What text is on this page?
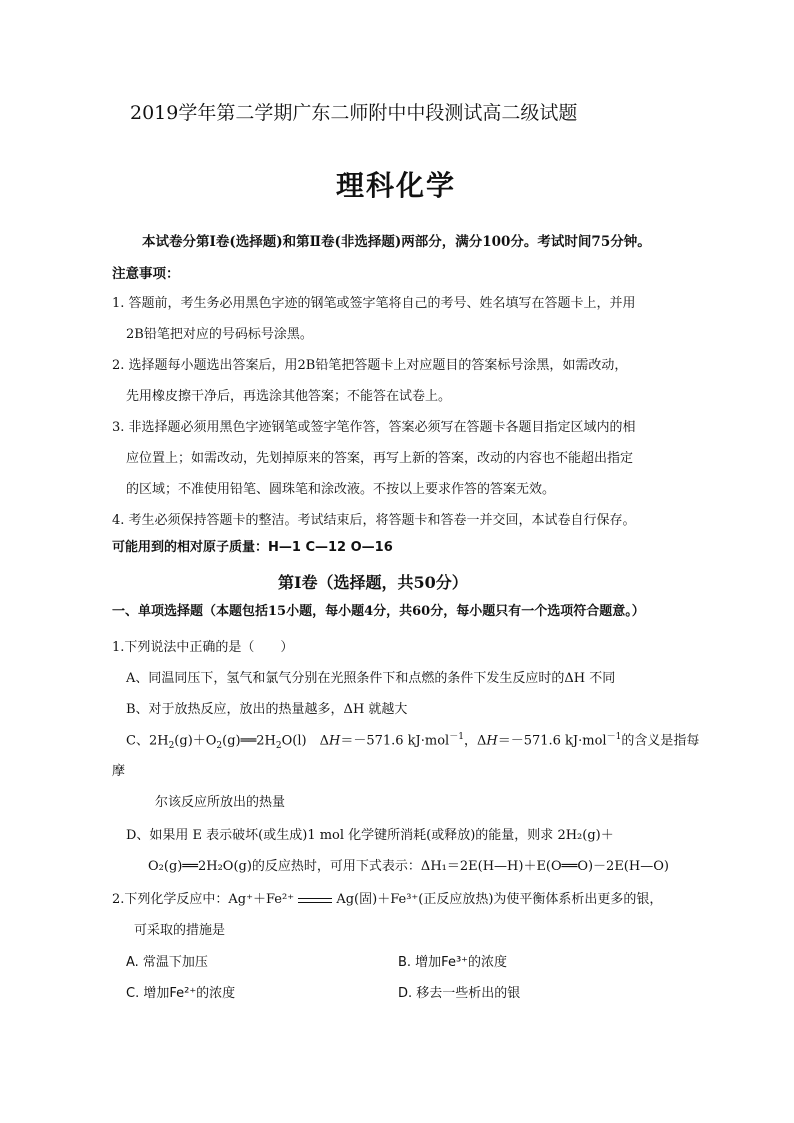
2019学年第二学期广东二师附中中段测试高二级试题
理科化学
本试卷分第Ⅰ卷(选择题)和第Ⅱ卷(非选择题)两部分，满分100分。考试时间75分钟。
注意事项：
1. 答题前，考生务必用黑色字迹的钢笔或签字笔将自己的考号、姓名填写在答题卡上，并用
2B铅笔把对应的号码标号涂黑。
2. 选择题每小题选出答案后，用2B铅笔把答题卡上对应题目的答案标号涂黑，如需改动，
先用橡皮擦干净后，再选涂其他答案；不能答在试卷上。
3. 非选择题必须用黑色字迹钢笔或签字笔作答，答案必须写在答题卡各题目指定区域内的相
应位置上；如需改动，先划掉原来的答案，再写上新的答案，改动的内容也不能超出指定
的区域；不准使用铅笔、圆珠笔和涂改液。不按以上要求作答的答案无效。
4. 考生必须保持答题卡的整洁。考试结束后，将答题卡和答卷一并交回，本试卷自行保存。
可能用到的相对原子质量：H—1 C—12 O—16
第Ⅰ卷（选择题，共50分）
一、单项选择题（本题包括15小题，每小题4分，共60分，每小题只有一个选项符合题意。）
1.下列说法中正确的是（　　）
A、同温同压下，氢气和氯气分别在光照条件下和点燃的条件下发生反应时的ΔH 不同
B、对于放热反应，放出的热量越多，ΔH 就越大
C、$2H_2(g)+O_2(g)══2H_2O(l)$　ΔH＝－571.6 kJ·mol$^{-1}$，ΔH＝－571.6 kJ·mol$^{-1}$的含义是指每
摩
尔该反应所放出的热量
D、如果用 E 表示破坏(或生成)1 mol 化学键所消耗(或释放)的能量，则求 2H₂(g)＋
O₂(g)══2H₂O(g)的反应热时，可用下式表示：ΔH₁＝2E(H—H)＋E(O══O)－2E(H—O)
2.下列化学反应中：Ag⁺＋Fe²⁺	Ag(固)＋Fe³⁺(正反应放热)为使平衡体系析出更多的银，
可采取的措施是
A. 常温下加压	B. 增加Fe³⁺的浓度
C. 增加Fe²⁺的浓度	D. 移去一些析出的银
